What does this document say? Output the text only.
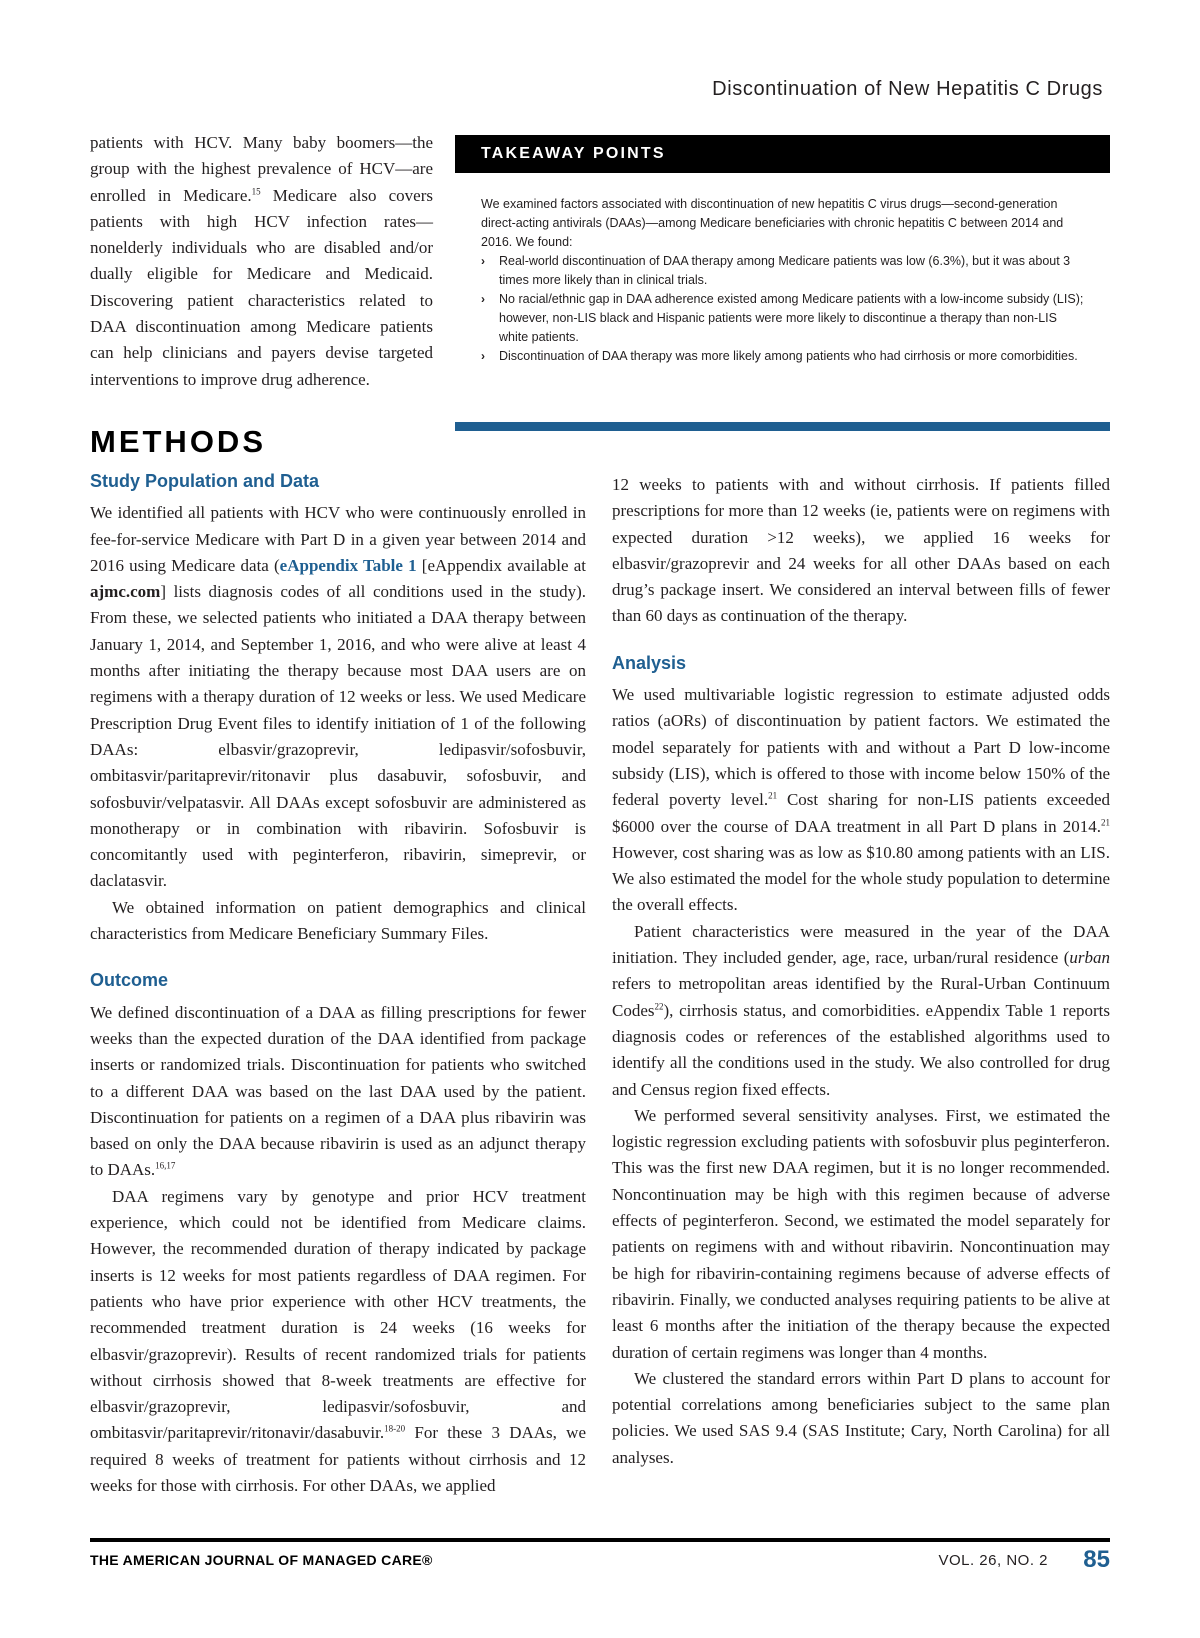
Discontinuation of New Hepatitis C Drugs

patients with HCV. Many baby boomers—the group with the highest prevalence of HCV—are enrolled in Medicare.$^{15}$ Medicare also covers patients with high HCV infection rates—nonelderly individuals who are disabled and/or dually eligible for Medicare and Medicaid. Discovering patient characteristics related to DAA discontinuation among Medicare patients can help clinicians and payers devise targeted interventions to improve drug adherence.

TAKEAWAY POINTS

We examined factors associated with discontinuation of new hepatitis C virus drugs—second-generation direct-acting antivirals (DAAs)—among Medicare beneficiaries with chronic hepatitis C between 2014 and 2016. We found:

› Real-world discontinuation of DAA therapy among Medicare patients was low (6.3%), but it was about 3 times more likely than in clinical trials.
› No racial/ethnic gap in DAA adherence existed among Medicare patients with a low-income subsidy (LIS); however, non-LIS black and Hispanic patients were more likely to discontinue a therapy than non-LIS white patients.
› Discontinuation of DAA therapy was more likely among patients who had cirrhosis or more comorbidities.
METHODS
Study Population and Data

We identified all patients with HCV who were continuously enrolled in fee-for-service Medicare with Part D in a given year between 2014 and 2016 using Medicare data (eAppendix Table 1 [eAppendix available at ajmc.com] lists diagnosis codes of all conditions used in the study). From these, we selected patients who initiated a DAA therapy between January 1, 2014, and September 1, 2016, and who were alive at least 4 months after initiating the therapy because most DAA users are on regimens with a therapy duration of 12 weeks or less. We used Medicare Prescription Drug Event files to identify initiation of 1 of the following DAAs: elbasvir/grazoprevir, ledipasvir/sofosbuvir, ombitasvir/paritaprevir/ritonavir plus dasabuvir, sofosbuvir, and sofosbuvir/velpatasvir. All DAAs except sofosbuvir are administered as monotherapy or in combination with ribavirin. Sofosbuvir is concomitantly used with peginterferon, ribavirin, simeprevir, or daclatasvir.

We obtained information on patient demographics and clinical characteristics from Medicare Beneficiary Summary Files.

Outcome

We defined discontinuation of a DAA as filling prescriptions for fewer weeks than the expected duration of the DAA identified from package inserts or randomized trials. Discontinuation for patients who switched to a different DAA was based on the last DAA used by the patient. Discontinuation for patients on a regimen of a DAA plus ribavirin was based on only the DAA because ribavirin is used as an adjunct therapy to DAAs.$^{16,17}$

DAA regimens vary by genotype and prior HCV treatment experience, which could not be identified from Medicare claims. However, the recommended duration of therapy indicated by package inserts is 12 weeks for most patients regardless of DAA regimen. For patients who have prior experience with other HCV treatments, the recommended treatment duration is 24 weeks (16 weeks for elbasvir/grazoprevir). Results of recent randomized trials for patients without cirrhosis showed that 8-week treatments are effective for elbasvir/grazoprevir, ledipasvir/sofosbuvir, and ombitasvir/paritaprevir/ritonavir/dasabuvir.$^{18-20}$ For these 3 DAAs, we required 8 weeks of treatment for patients without cirrhosis and 12 weeks for those with cirrhosis. For other DAAs, we applied

12 weeks to patients with and without cirrhosis. If patients filled prescriptions for more than 12 weeks (ie, patients were on regimens with expected duration >12 weeks), we applied 16 weeks for elbasvir/grazoprevir and 24 weeks for all other DAAs based on each drug’s package insert. We considered an interval between fills of fewer than 60 days as continuation of the therapy.

Analysis

We used multivariable logistic regression to estimate adjusted odds ratios (aORs) of discontinuation by patient factors. We estimated the model separately for patients with and without a Part D low-income subsidy (LIS), which is offered to those with income below 150% of the federal poverty level.$^{21}$ Cost sharing for non-LIS patients exceeded $6000 over the course of DAA treatment in all Part D plans in 2014.21 However, cost sharing was as low as $10.80 among patients with an LIS. We also estimated the model for the whole study population to determine the overall effects.

Patient characteristics were measured in the year of the DAA initiation. They included gender, age, race, urban/rural residence (urban refers to metropolitan areas identified by the Rural-Urban Continuum Codes$^{22}$), cirrhosis status, and comorbidities. eAppendix Table 1 reports diagnosis codes or references of the established algorithms used to identify all the conditions used in the study. We also controlled for drug and Census region fixed effects.

We performed several sensitivity analyses. First, we estimated the logistic regression excluding patients with sofosbuvir plus peginterferon. This was the first new DAA regimen, but it is no longer recommended. Noncontinuation may be high with this regimen because of adverse effects of peginterferon. Second, we estimated the model separately for patients on regimens with and without ribavirin. Noncontinuation may be high for ribavirin-containing regimens because of adverse effects of ribavirin. Finally, we conducted analyses requiring patients to be alive at least 6 months after the initiation of the therapy because the expected duration of certain regimens was longer than 4 months.

We clustered the standard errors within Part D plans to account for potential correlations among beneficiaries subject to the same plan policies. We used SAS 9.4 (SAS Institute; Cary, North Carolina) for all analyses.

THE AMERICAN JOURNAL OF MANAGED CARE®	VOL. 26, NO. 2 85
